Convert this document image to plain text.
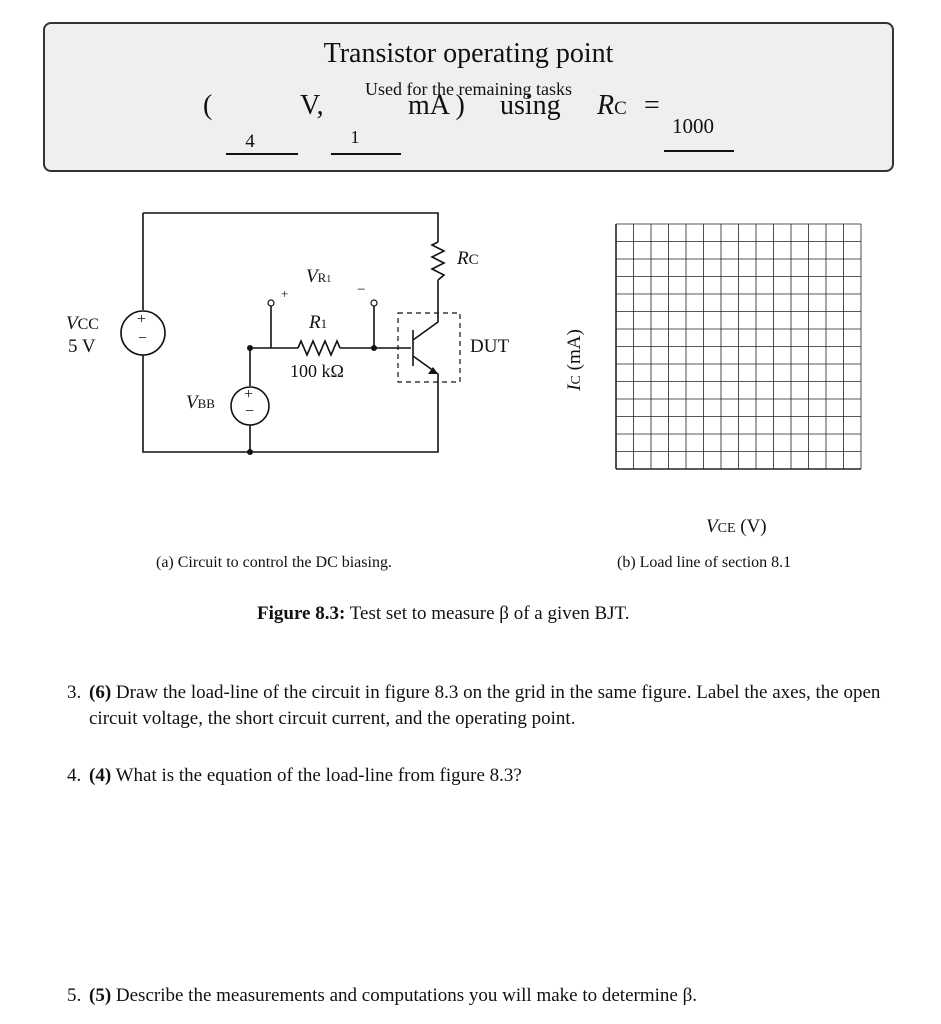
Transistor operating point
Used for the remaining tasks
(
4
V,
1
mA ) using RC =
1000
+
−
+
−
VCC
5 V
VBB
+	−
VR1
R1
100 kΩ
RC
DUT
IC (mA)
VCE (V)
(a) Circuit to control the DC biasing.	(b) Load line of section 8.1
Figure 8.3: Test set to measure β of a given BJT.
3. (6) Draw the load-line of the circuit in figure 8.3 on the grid in the same figure. Label the axes, the open circuit voltage, the short circuit current, and the operating point.
4. (4) What is the equation of the load-line from figure 8.3?
5. (5) Describe the measurements and computations you will make to determine β.
